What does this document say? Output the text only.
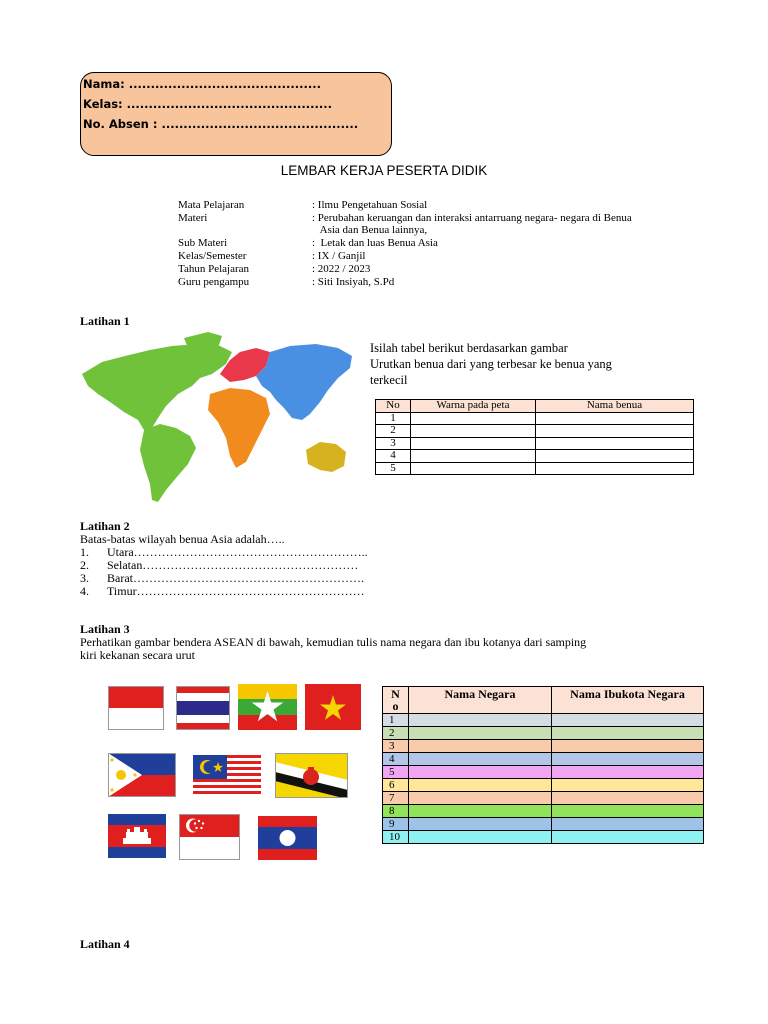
Nama: ............................................
Kelas: ...............................................
No. Absen : .............................................
LEMBAR KERJA PESERTA DIDIK
Mata Pelajaran	: Ilmu Pengetahuan Sosial
Materi	: Perubahan keruangan dan interaksi antarruang negara- negara di Benua
Asia dan Benua lainnya,
Sub Materi	:  Letak dan luas Benua Asia
Kelas/Semester	: IX / Ganjil
Tahun Pelajaran	: 2022 / 2023
Guru pengampu	: Siti Insiyah, S.Pd
Latihan 1
Isilah tabel berikut berdasarkan gambar
Urutkan benua dari yang terbesar ke benua yang
terkecil
No	Warna pada peta	Nama benua
1		
2		
3		
4		
5		
Latihan 2
Batas-batas wilayah benua Asia adalah…..
1. Utara…………………………………………………..
2. Selatan………………………………………………
3. Barat………………………………………………….
4. Timur…………………………………………………
Latihan 3
Perhatikan gambar bendera ASEAN di bawah, kemudian tulis nama negara dan ibu kotanya dari samping
kiri kekanan secara urut
N
o	Nama Negara	Nama Ibukota Negara
1		
2		
3		
4		
5		
6		
7		
8		
9		
10		
Latihan 4
